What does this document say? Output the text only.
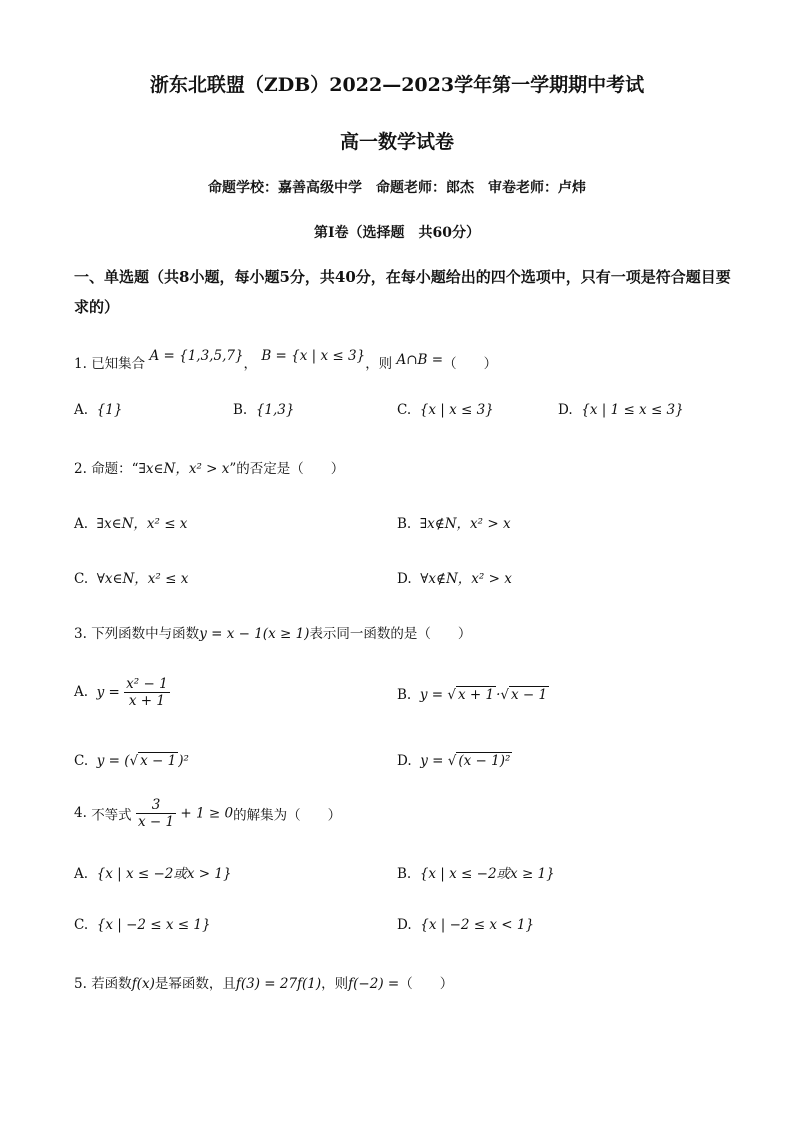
浙东北联盟（ZDB）2022—2023学年第一学期期中考试
高一数学试卷
命题学校：嘉善高级中学　命题老师：郎杰　审卷老师：卢炜
第Ⅰ卷（选择题　共60分）
一、单选题（共8小题，每小题5分，共40分，在每小题给出的四个选项中，只有一项是符合题目要求的）
1. 已知集合 A = {1,3,5,7}， B = {x | x ≤ 3}，则 A∩B =（　　）
A. {1}	B. {1,3}	C. {x | x ≤ 3}	D. {x | 1 ≤ x ≤ 3}
2. 命题：“∃x∈N，x² > x”的否定是（　　）
A. ∃x∈N，x² ≤ x	B. ∃x∉N，x² > x
C. ∀x∈N，x² ≤ x	D. ∀x∉N，x² > x
3. 下列函数中与函数y = x − 1(x ≥ 1)表示同一函数的是（　　）
A. $y = \frac{\text{x² − 1}}{x + 1}$	B. y = √ x + 1 ·√ x − 1
C. y = (√ x − 1 )²	D. y = √ (x − 1)²
4. 不等式 $\frac{3}{x - 1} + 1 \ge 0$的解集为（　　）
A. {x | x ≤ −2或x > 1}	B. {x | x ≤ −2或x ≥ 1}
C. {x | −2 ≤ x ≤ 1}	D. {x | −2 ≤ x < 1}
5. 若函数f(x)是幂函数，且f(3) = 27f(1)，则f(−2) =（　　）
